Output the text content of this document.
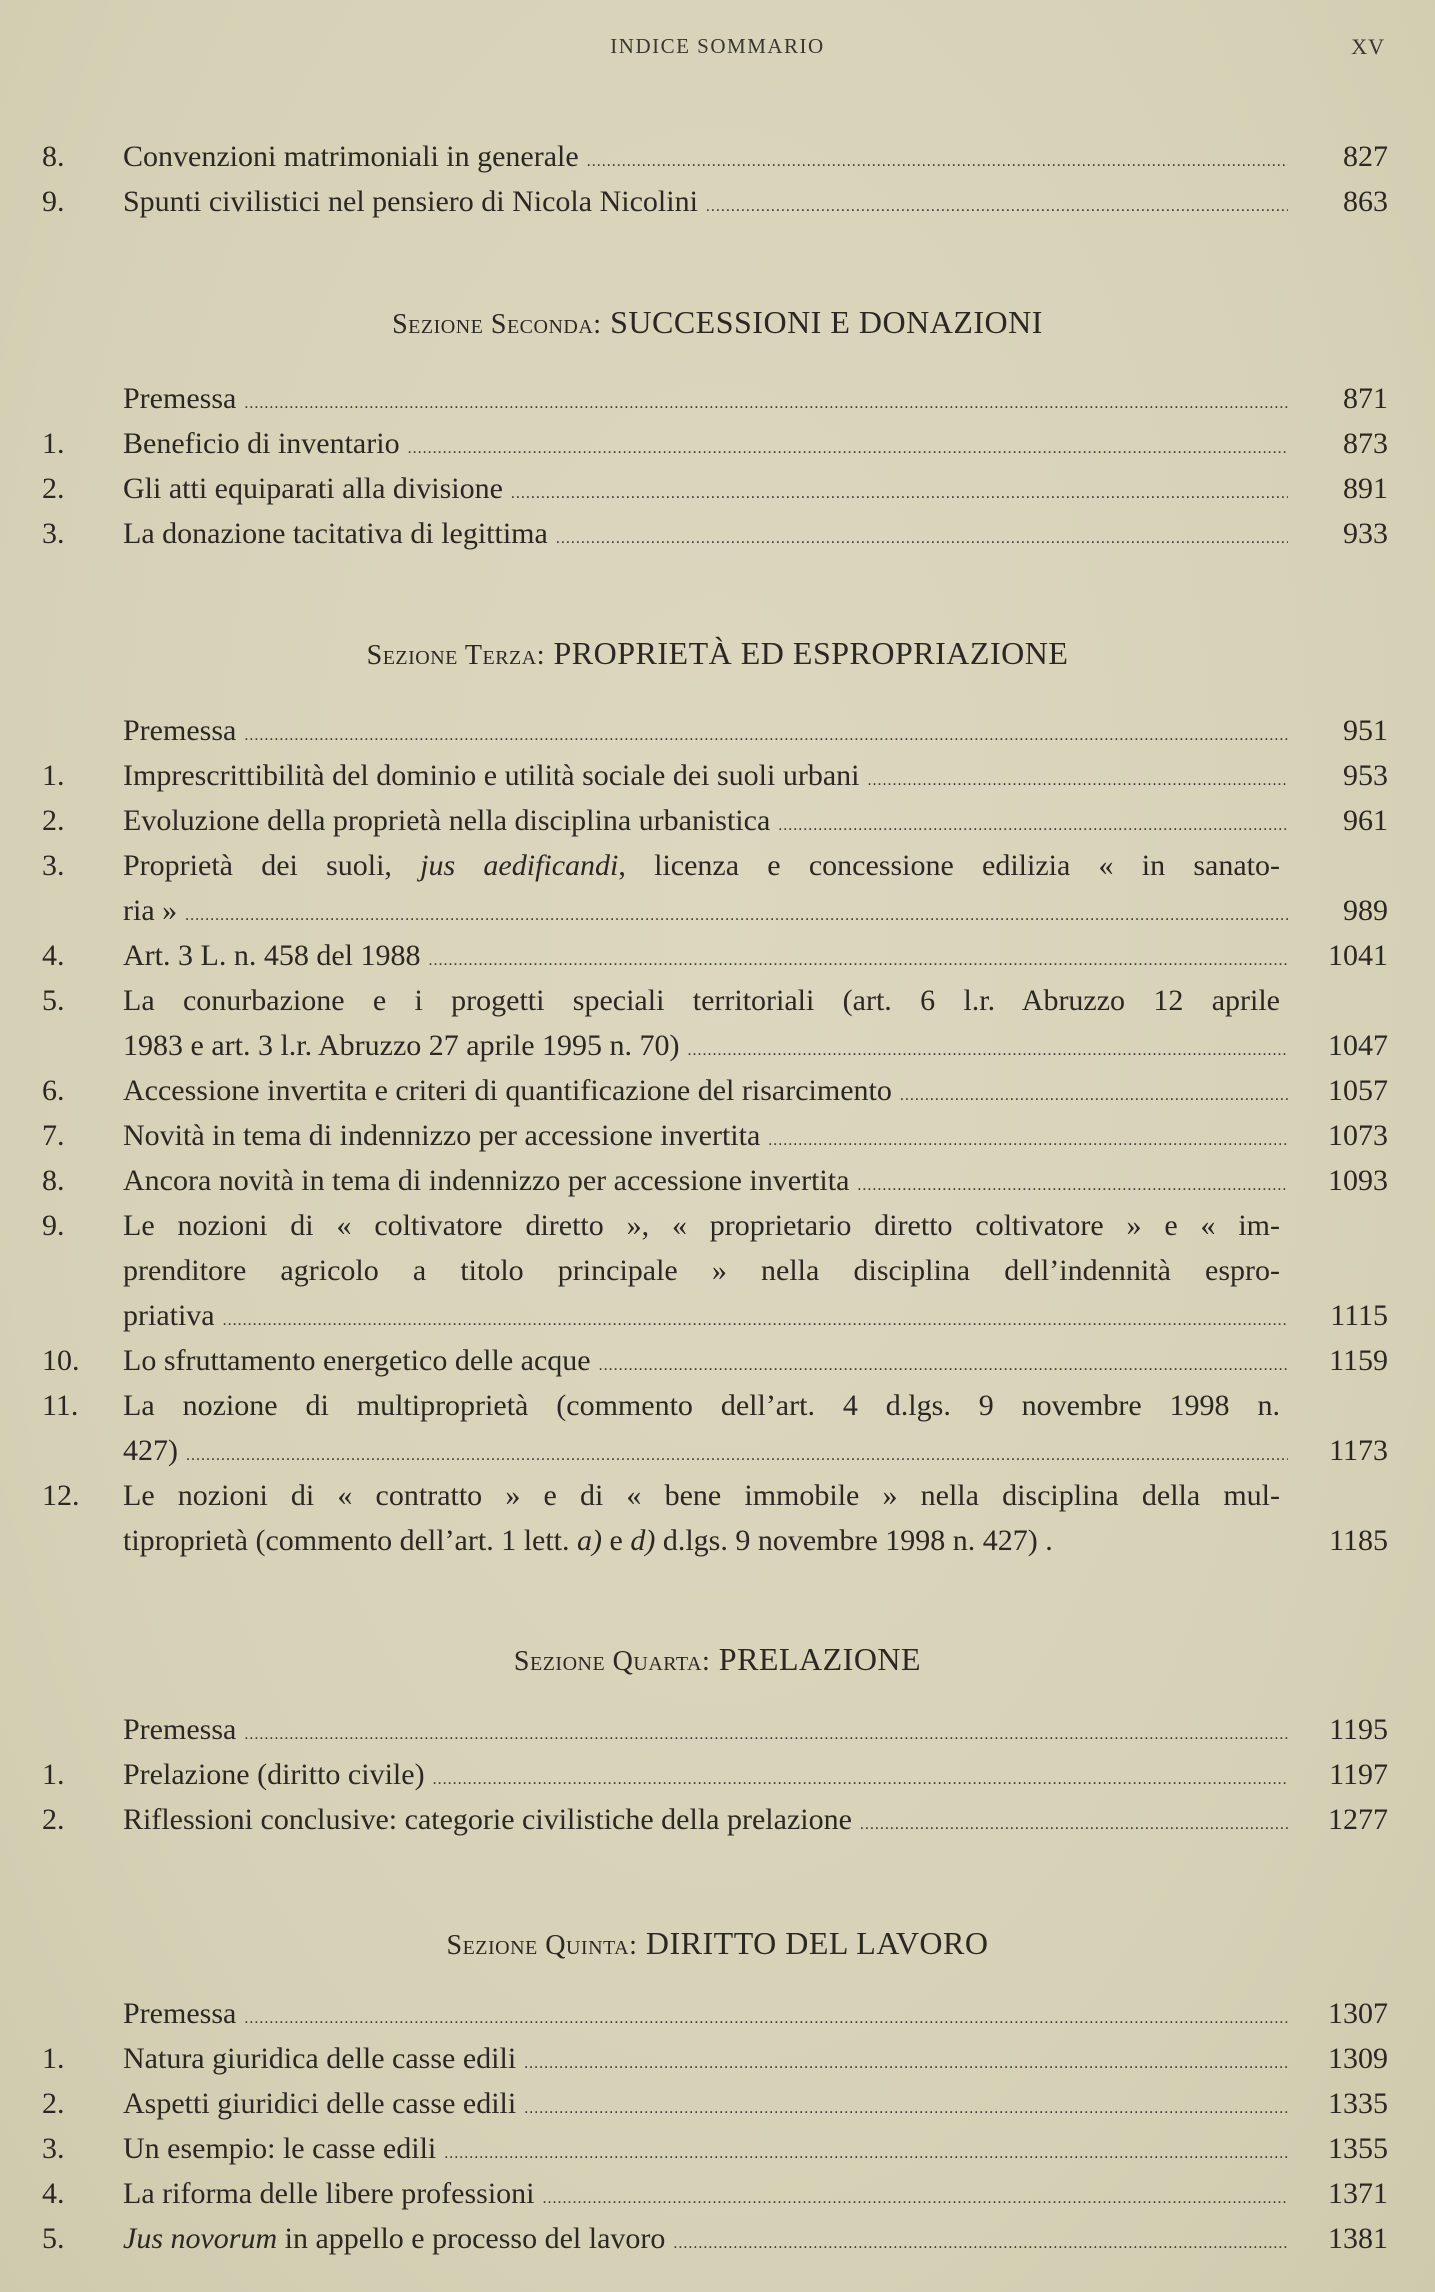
INDICE SOMMARIO	XV
8.	Convenzioni matrimoniali in generale .....	827
9.	Spunti civilistici nel pensiero di Nicola Nicolini .....	863
Sezione Seconda: SUCCESSIONI E DONAZIONI
Premessa .....	871
1.	Beneficio di inventario .....	873
2.	Gli atti equiparati alla divisione .....	891
3.	La donazione tacitativa di legittima .....	933
Sezione Terza: PROPRIETÀ ED ESPROPRIAZIONE
Premessa .....	951
1.	Imprescrittibilità del dominio e utilità sociale dei suoli urbani .....	953
2.	Evoluzione della proprietà nella disciplina urbanistica .....	961
3.	Proprietà dei suoli, jus aedificandi, licenza e concessione edilizia « in sanato-
ria » .....	989
4.	Art. 3 L. n. 458 del 1988 .....	1041
5.	La conurbazione e i progetti speciali territoriali (art. 6 l.r. Abruzzo 12 aprile
1983 e art. 3 l.r. Abruzzo 27 aprile 1995 n. 70) .....	1047
6.	Accessione invertita e criteri di quantificazione del risarcimento .....	1057
7.	Novità in tema di indennizzo per accessione invertita .....	1073
8.	Ancora novità in tema di indennizzo per accessione invertita .....	1093
9.	Le nozioni di « coltivatore diretto », « proprietario diretto coltivatore » e « im-
prenditore agricolo a titolo principale » nella disciplina dell’indennità espro-
priativa .....	1115
10.	Lo sfruttamento energetico delle acque .....	1159
11.	La nozione di multiproprietà (commento dell’art. 4 d.lgs. 9 novembre 1998 n.
427) .....	1173
12.	Le nozioni di « contratto » e di « bene immobile » nella disciplina della mul-
tiproprietà (commento dell’art. 1 lett. a) e d) d.lgs. 9 novembre 1998 n. 427) .	1185
Sezione Quarta: PRELAZIONE
Premessa .....	1195
1.	Prelazione (diritto civile) .....	1197
2.	Riflessioni conclusive: categorie civilistiche della prelazione .....	1277
Sezione Quinta: DIRITTO DEL LAVORO
Premessa .....	1307
1.	Natura giuridica delle casse edili .....	1309
2.	Aspetti giuridici delle casse edili .....	1335
3.	Un esempio: le casse edili .....	1355
4.	La riforma delle libere professioni .....	1371
5.	Jus novorum in appello e processo del lavoro .....	1381
